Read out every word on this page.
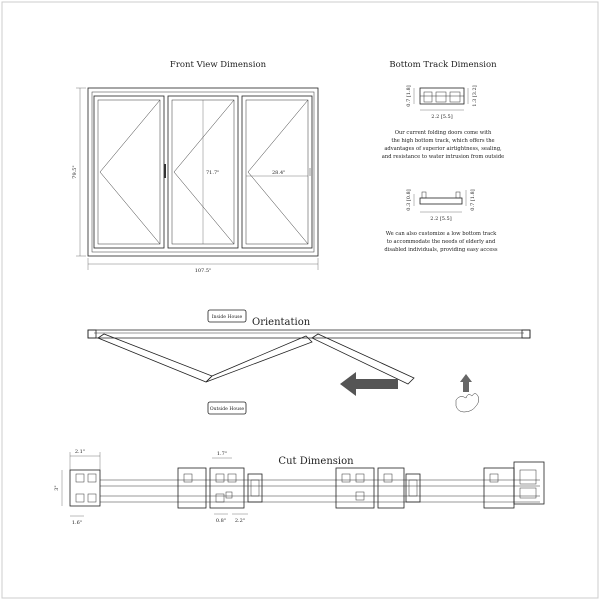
Front View Dimension
71.7"	28.4"
79.5"
107.5"
Bottom Track Dimension
0.7 [1.8]	1.3 [3.2]
2.2 [5.5]
Our current folding doors come with
the high bottom track, which offers the
advantages of superior airtightness, sealing,
and resistance to water intrusion from outside
0.3 [0.8]	0.7 [1.8]
2.2 [5.5]
We can also customize a low bottom track
to accommodate the needs of elderly and
disabled individuals, providing easy access
Inside House Orientation
Outside House
Cut Dimension
2.1"
3"
1.6"
1.7"
0.8" 2.2"
